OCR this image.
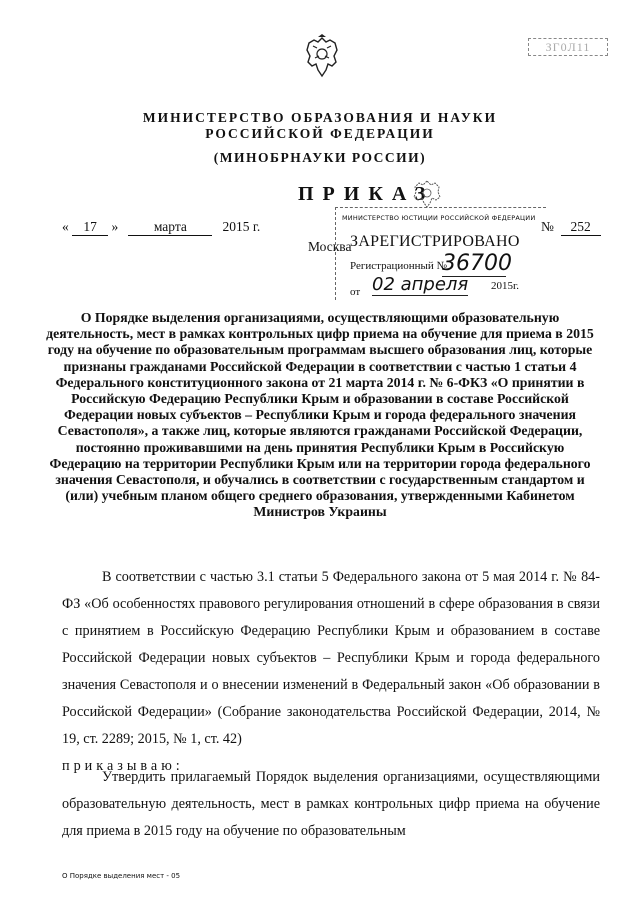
ЗГ0Л11
МИНИСТЕРСТВО ОБРАЗОВАНИЯ И НАУКИ
РОССИЙСКОЙ ФЕДЕРАЦИИ
(МИНОБРНАУКИ РОССИИ)
ПРИКАЗ
« 17 »	марта	2015 г.	№ 252
Москва
МИНИСТЕРСТВО ЮСТИЦИИ РОССИЙСКОЙ ФЕДЕРАЦИИ
ЗАРЕГИСТРИРОВАНО
Регистрационный №
36700
от 02 апреля 2015г.
О Порядке выделения организациями, осуществляющими образовательную деятельность, мест в рамках контрольных цифр приема на обучение для приема в 2015 году на обучение по образовательным программам высшего образования лиц, которые признаны гражданами Российской Федерации в соответствии с частью 1 статьи 4 Федерального конституционного закона от 21 марта 2014 г. № 6-ФКЗ «О принятии в Российскую Федерацию Республики Крым и образовании в составе Российской Федерации новых субъектов – Республики Крым и города федерального значения Севастополя», а также лиц, которые являются гражданами Российской Федерации, постоянно проживавшими на день принятия Республики Крым в Российскую Федерацию на территории Республики Крым или на территории города федерального значения Севастополя, и обучались в соответствии с государственным стандартом и (или) учебным планом общего среднего образования, утвержденными Кабинетом Министров Украины
В соответствии с частью 3.1 статьи 5 Федерального закона от 5 мая 2014 г. № 84-ФЗ «Об особенностях правового регулирования отношений в сфере образования в связи с принятием в Российскую Федерацию Республики Крым и образованием в составе Российской Федерации новых субъектов – Республики Крым и города федерального значения Севастополя и о внесении изменений в Федеральный закон «Об образовании в Российской Федерации» (Собрание законодательства Российской Федерации, 2014, № 19, ст. 2289; 2015, № 1, ст. 42)
приказываю:
Утвердить прилагаемый Порядок выделения организациями, осуществляющими образовательную деятельность, мест в рамках контрольных цифр приема на обучение для приема в 2015 году на обучение по образовательным
О Порядке выделения мест - 05
